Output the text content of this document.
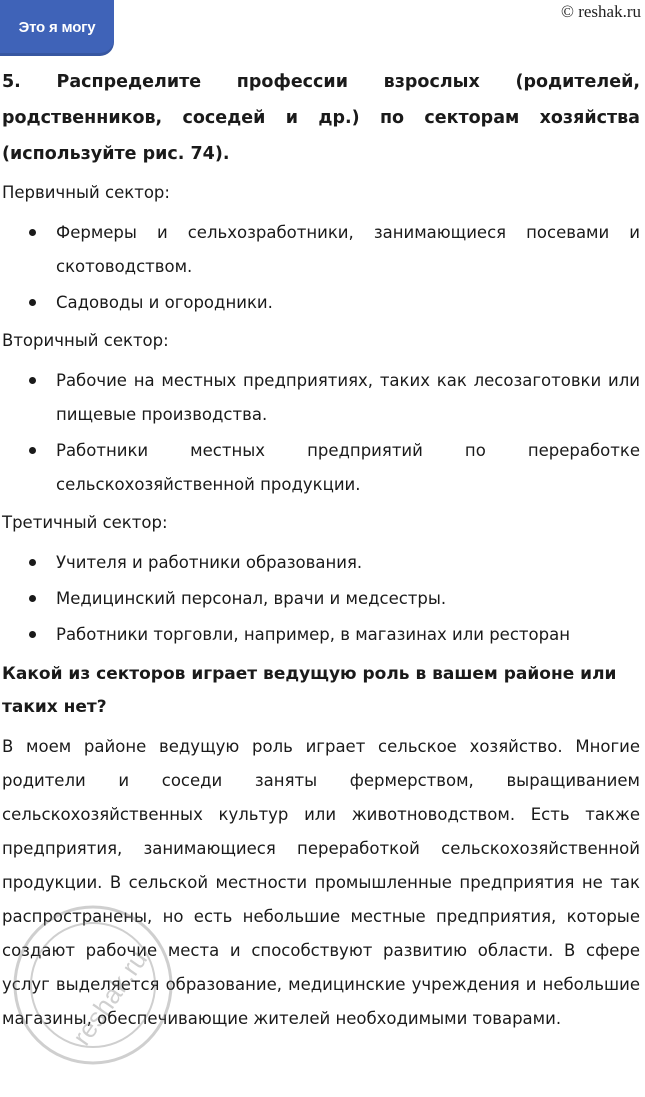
Это я могу
© reshak.ru

5. Распределите профессии взрослых (родителей, родственников, соседей и др.) по секторам хозяйства (используйте рис. 74).

Первичный сектор:
Фермеры и сельхозработники, занимающиеся посевами и скотоводством.
Садоводы и огородники.
Вторичный сектор:
Рабочие на местных предприятиях, таких как лесозаготовки или пищевые производства.
Работники местных предприятий по переработке сельскохозяйственной продукции.
Третичный сектор:
Учителя и работники образования.
Медицинский персонал, врачи и медсестры.
Работники торговли, например, в магазинах или ресторан
Какой из секторов играет ведущую роль в вашем районе или таких нет?

В моем районе ведущую роль играет сельское хозяйство. Многие родители и соседи заняты фермерством, выращиванием сельскохозяйственных культур или животноводством. Есть также предприятия, занимающиеся переработкой сельскохозяйственной продукции. В сельской местности промышленные предприятия не так распространены, но есть небольшие местные предприятия, которые создают рабочие места и способствуют развитию области. В сфере услуг выделяется образование, медицинские учреждения и небольшие магазины, обеспечивающие жителей необходимыми товарами.

reshak.ru
